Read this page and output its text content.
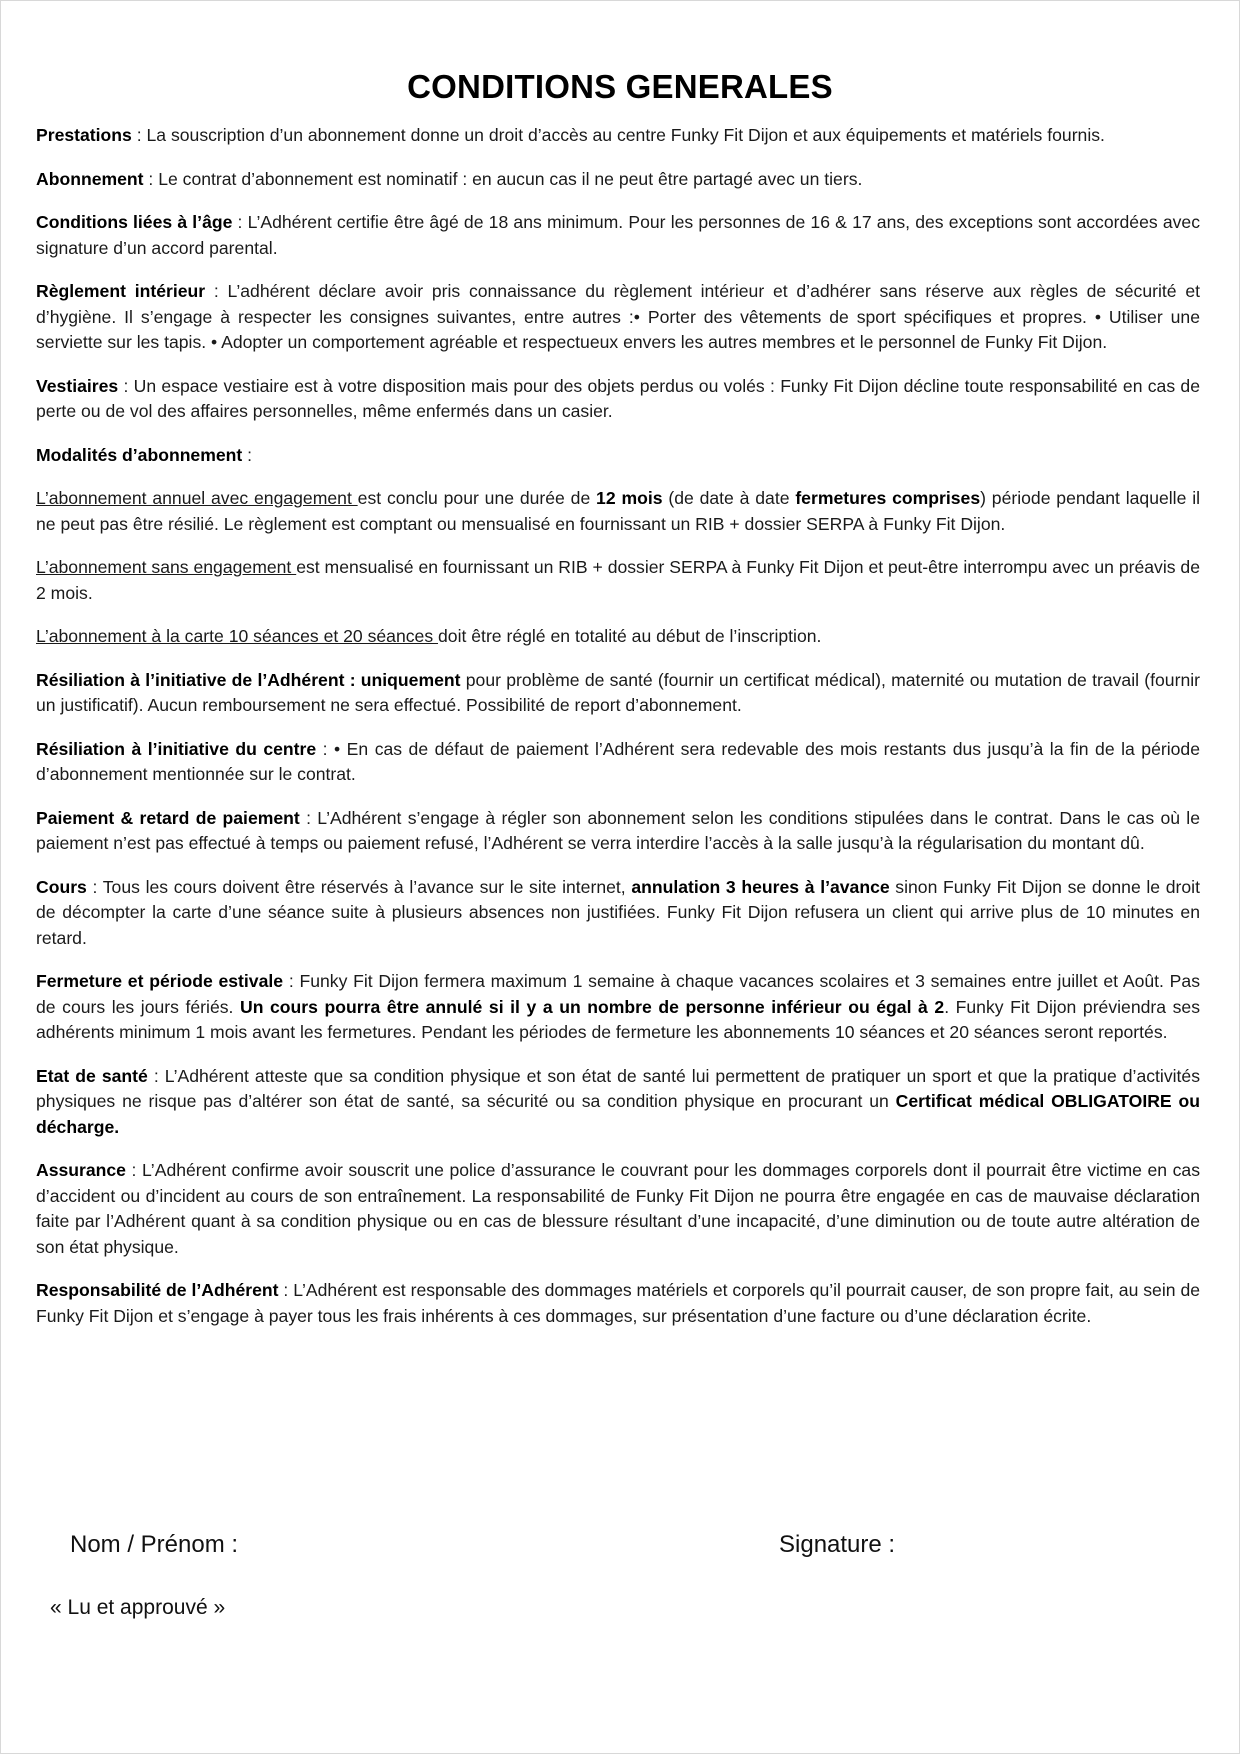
CONDITIONS GENERALES

Prestations : La souscription d’un abonnement donne un droit d’accès au centre Funky Fit Dijon et aux équipements et matériels fournis.

Abonnement : Le contrat d’abonnement est nominatif : en aucun cas il ne peut être partagé avec un tiers.

Conditions liées à l’âge : L’Adhérent certifie être âgé de 18 ans minimum. Pour les personnes de 16 & 17 ans, des exceptions sont accordées avec signature d’un accord parental.

Règlement intérieur : L’adhérent déclare avoir pris connaissance du règlement intérieur et d’adhérer sans réserve aux règles de sécurité et d’hygiène. Il s’engage à respecter les consignes suivantes, entre autres :• Porter des vêtements de sport spécifiques et propres. • Utiliser une serviette sur les tapis. • Adopter un comportement agréable et respectueux envers les autres membres et le personnel de Funky Fit Dijon.

Vestiaires : Un espace vestiaire est à votre disposition mais pour des objets perdus ou volés : Funky Fit Dijon décline toute responsabilité en cas de perte ou de vol des affaires personnelles, même enfermés dans un casier.

Modalités d’abonnement :

L’abonnement annuel avec engagement est conclu pour une durée de 12 mois (de date à date fermetures comprises) période pendant laquelle il ne peut pas être résilié. Le règlement est comptant ou mensualisé en fournissant un RIB + dossier SERPA à Funky Fit Dijon.

L’abonnement sans engagement est mensualisé en fournissant un RIB + dossier SERPA à Funky Fit Dijon et peut-être interrompu avec un préavis de 2 mois.

L’abonnement à la carte 10 séances et 20 séances doit être réglé en totalité au début de l’inscription.

Résiliation à l’initiative de l’Adhérent : uniquement pour problème de santé (fournir un certificat médical), maternité ou mutation de travail (fournir un justificatif). Aucun remboursement ne sera effectué. Possibilité de report d’abonnement.

Résiliation à l’initiative du centre : • En cas de défaut de paiement l’Adhérent sera redevable des mois restants dus jusqu’à la fin de la période d’abonnement mentionnée sur le contrat.

Paiement & retard de paiement : L’Adhérent s’engage à régler son abonnement selon les conditions stipulées dans le contrat. Dans le cas où le paiement n’est pas effectué à temps ou paiement refusé, l’Adhérent se verra interdire l’accès à la salle jusqu’à la régularisation du montant dû.

Cours : Tous les cours doivent être réservés à l’avance sur le site internet, annulation 3 heures à l’avance sinon Funky Fit Dijon se donne le droit de décompter la carte d’une séance suite à plusieurs absences non justifiées. Funky Fit Dijon refusera un client qui arrive plus de 10 minutes en retard.

Fermeture et période estivale : Funky Fit Dijon fermera maximum 1 semaine à chaque vacances scolaires et 3 semaines entre juillet et Août. Pas de cours les jours fériés. Un cours pourra être annulé si il y a un nombre de personne inférieur ou égal à 2. Funky Fit Dijon préviendra ses adhérents minimum 1 mois avant les fermetures. Pendant les périodes de fermeture les abonnements 10 séances et 20 séances seront reportés.

Etat de santé : L’Adhérent atteste que sa condition physique et son état de santé lui permettent de pratiquer un sport et que la pratique d’activités physiques ne risque pas d’altérer son état de santé, sa sécurité ou sa condition physique en procurant un Certificat médical OBLIGATOIRE ou décharge.

Assurance : L’Adhérent confirme avoir souscrit une police d’assurance le couvrant pour les dommages corporels dont il pourrait être victime en cas d’accident ou d’incident au cours de son entraînement. La responsabilité de Funky Fit Dijon ne pourra être engagée en cas de mauvaise déclaration faite par l’Adhérent quant à sa condition physique ou en cas de blessure résultant d’une incapacité, d’une diminution ou de toute autre altération de son état physique.

Responsabilité de l’Adhérent : L’Adhérent est responsable des dommages matériels et corporels qu’il pourrait causer, de son propre fait, au sein de Funky Fit Dijon et s’engage à payer tous les frais inhérents à ces dommages, sur présentation d’une facture ou d’une déclaration écrite.

Nom / Prénom :	Signature :
« Lu et approuvé »
